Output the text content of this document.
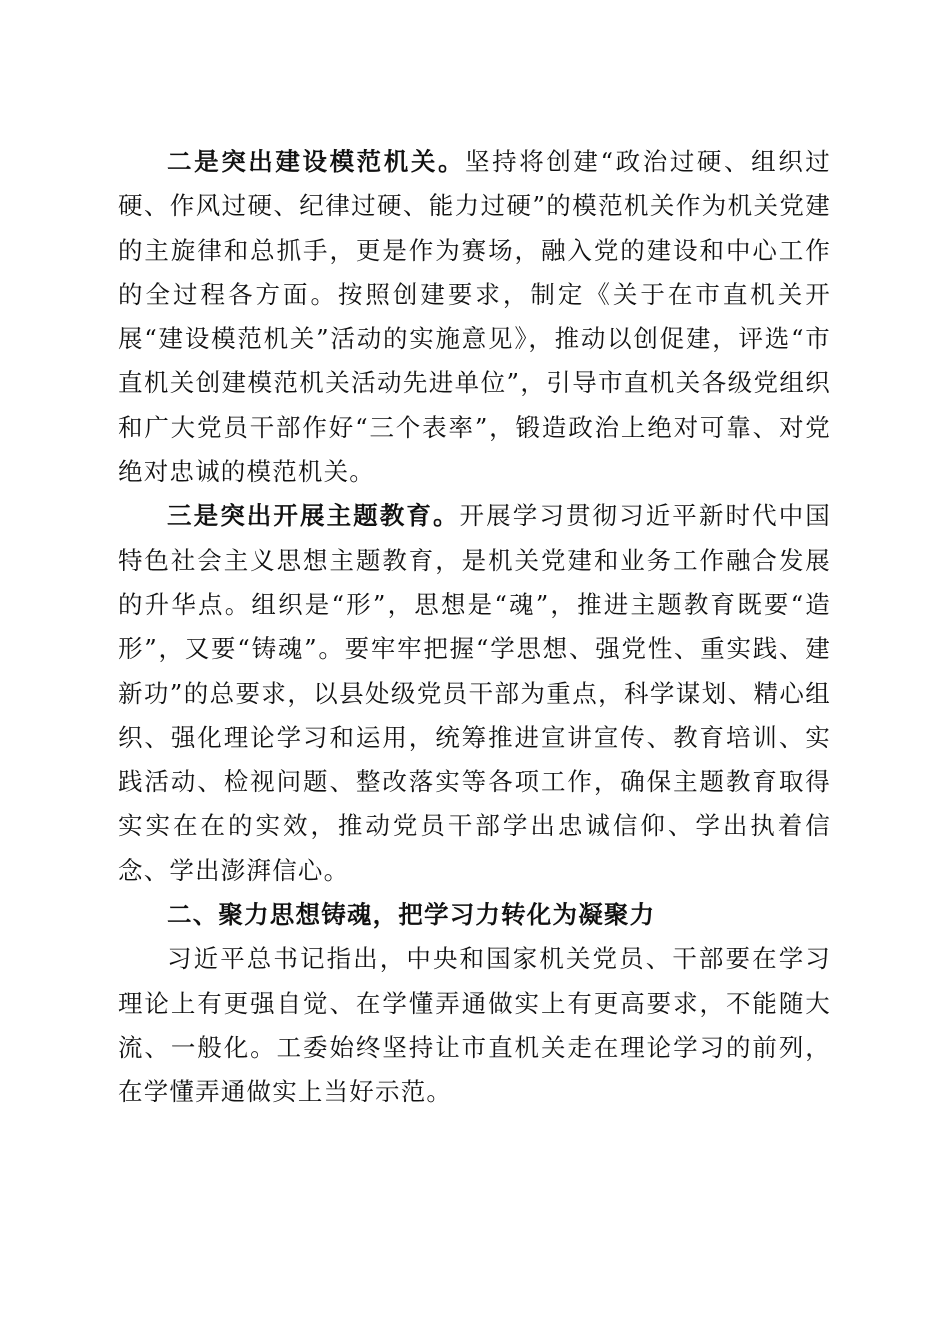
二是突出建设模范机关。坚持将创建“政治过硬、组织过硬、作风过硬、纪律过硬、能力过硬”的模范机关作为机关党建的主旋律和总抓手，更是作为赛场，融入党的建设和中心工作的全过程各方面。按照创建要求，制定《关于在市直机关开展“建设模范机关”活动的实施意见》，推动以创促建，评选“市直机关创建模范机关活动先进单位”，引导市直机关各级党组织和广大党员干部作好“三个表率”，锻造政治上绝对可靠、对党绝对忠诚的模范机关。

三是突出开展主题教育。开展学习贯彻习近平新时代中国特色社会主义思想主题教育，是机关党建和业务工作融合发展的升华点。组织是“形”，思想是“魂”，推进主题教育既要“造形”，又要“铸魂”。要牢牢把握“学思想、强党性、重实践、建新功”的总要求，以县处级党员干部为重点，科学谋划、精心组织、强化理论学习和运用，统筹推进宣讲宣传、教育培训、实践活动、检视问题、整改落实等各项工作，确保主题教育取得实实在在的实效，推动党员干部学出忠诚信仰、学出执着信念、学出澎湃信心。

二、聚力思想铸魂，把学习力转化为凝聚力

习近平总书记指出，中央和国家机关党员、干部要在学习理论上有更强自觉、在学懂弄通做实上有更高要求，不能随大流、一般化。工委始终坚持让市直机关走在理论学习的前列，在学懂弄通做实上当好示范。
